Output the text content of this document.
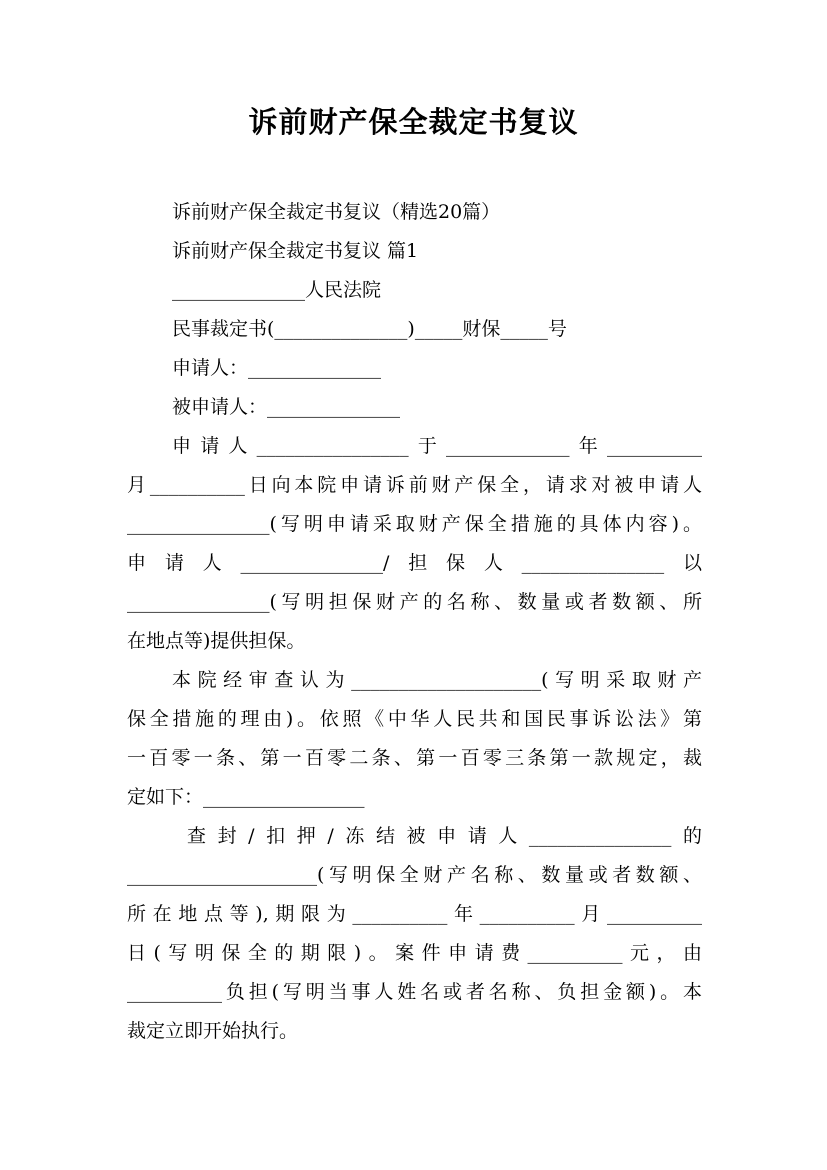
诉前财产保全裁定书复议

诉前财产保全裁定书复议（精选20篇）

诉前财产保全裁定书复议 篇1

______________人民法院

民事裁定书(______________)_____财保_____号

申请人：______________

被申请人：______________

申请人________________于_____________年__________

月__________日向本院申请诉前财产保全，请求对被申请人

_______________(写明申请采取财产保全措施的具体内容)。

申请人_______________/担保人_______________以

_______________(写明担保财产的名称、数量或者数额、所

在地点等)提供担保。

本院经审查认为____________________(写明采取财产

保全措施的理由)。依照《中华人民共和国民事诉讼法》第

一百零一条、第一百零二条、第一百零三条第一款规定，裁

定如下：_________________

查封/扣押/冻结被申请人_______________的

____________________(写明保全财产名称、数量或者数额、

所在地点等),期限为__________年__________月__________

日(写明保全的期限)。案件申请费__________元，由

__________负担(写明当事人姓名或者名称、负担金额)。本

裁定立即开始执行。
